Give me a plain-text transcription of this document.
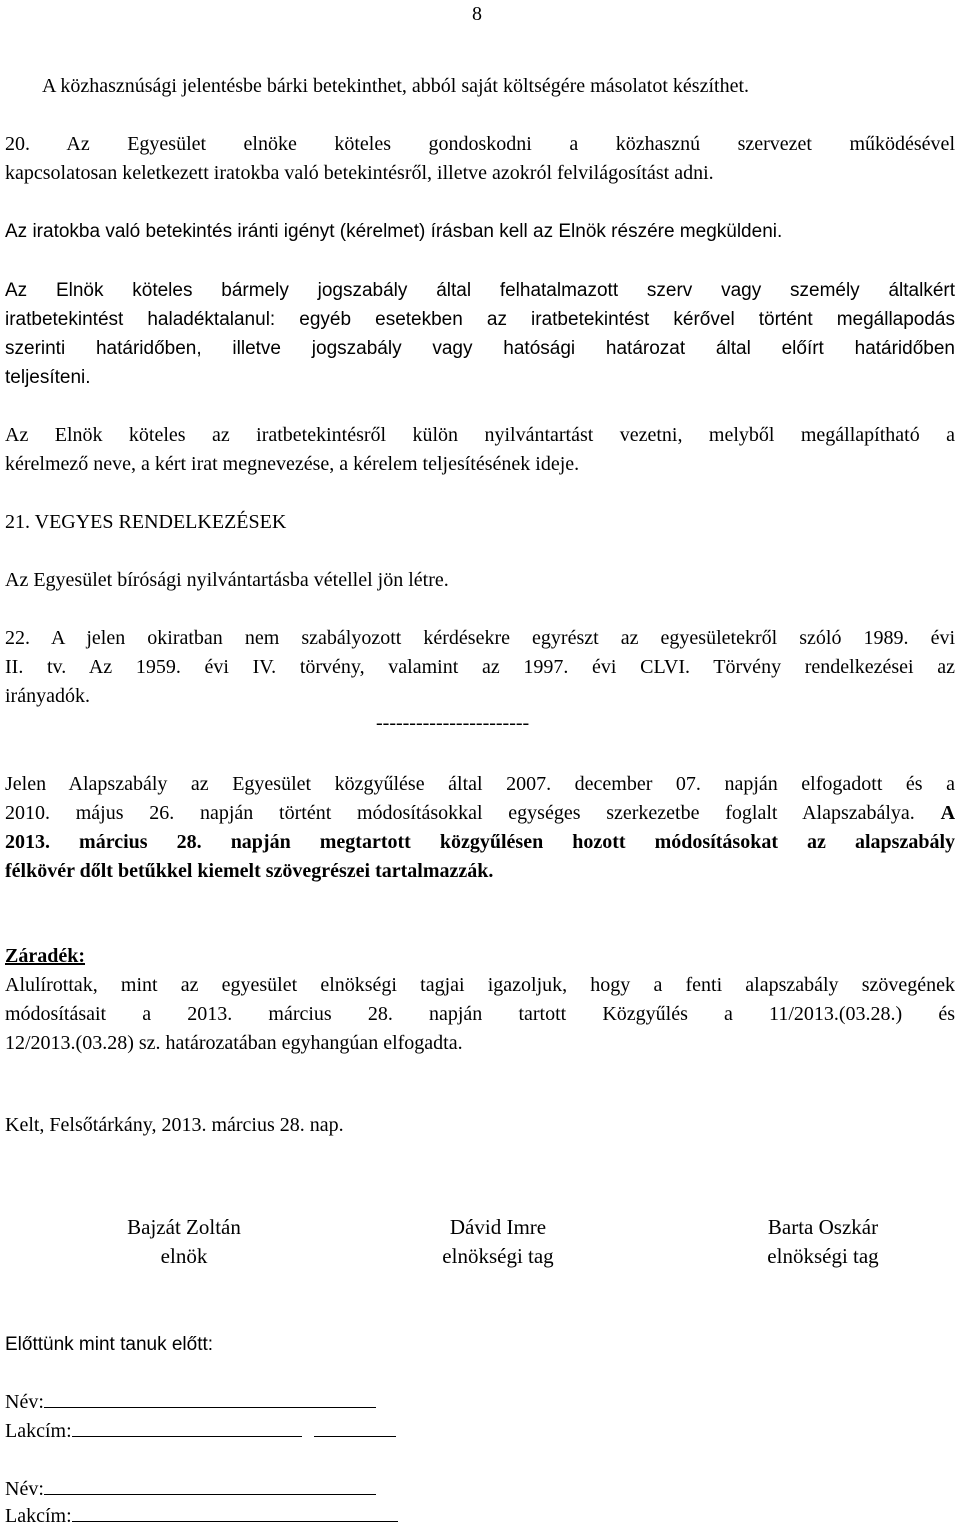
8
A közhasznúsági jelentésbe bárki betekinthet, abból saját költségére másolatot készíthet.
20. Az Egyesület elnöke köteles gondoskodni a közhasznú szervezet működésével
kapcsolatosan keletkezett iratokba való betekintésről, illetve azokról felvilágosítást adni.
Az iratokba való betekintés iránti igényt (kérelmet) írásban kell az Elnök részére megküldeni.
Az Elnök köteles bármely jogszabály által felhatalmazott szerv vagy személy általkért
iratbetekintést haladéktalanul: egyéb esetekben az iratbetekintést kérővel történt megállapodás
szerinti határidőben, illetve jogszabály vagy hatósági határozat által előírt határidőben
teljesíteni.
Az Elnök köteles az iratbetekintésről külön nyilvántartást vezetni, melyből megállapítható a
kérelmező neve, a kért irat megnevezése, a kérelem teljesítésének ideje.
21. VEGYES RENDELKEZÉSEK
Az Egyesület bírósági nyilvántartásba vétellel jön létre.
22. A jelen okiratban nem szabályozott kérdésekre egyrészt az egyesületekről szóló 1989. évi
II. tv. Az 1959. évi IV. törvény, valamint az 1997. évi CLVI. Törvény rendelkezései az
irányadók.
-----------------------
Jelen Alapszabály az Egyesület közgyűlése által 2007. december 07. napján elfogadott és a
2010. május 26. napján történt módosításokkal egységes szerkezetbe foglalt Alapszabálya. A
2013. március 28. napján megtartott közgyűlésen hozott módosításokat az alapszabály
félkövér dőlt betűkkel kiemelt szövegrészei tartalmazzák.
Záradék:
Alulírottak, mint az egyesület elnökségi tagjai igazoljuk, hogy a fenti alapszabály szövegének
módosításait a 2013. március 28. napján tartott Közgyűlés a 11/2013.(03.28.) és
12/2013.(03.28) sz. határozatában egyhangúan elfogadta.
Kelt, Felsőtárkány, 2013. március 28. nap.
Bajzát Zoltán
elnök
Dávid Imre
elnökségi tag
Barta Oszkár
elnökségi tag
Előttünk mint tanuk előtt:
Név:
Lakcím:
Név:
Lakcím:
